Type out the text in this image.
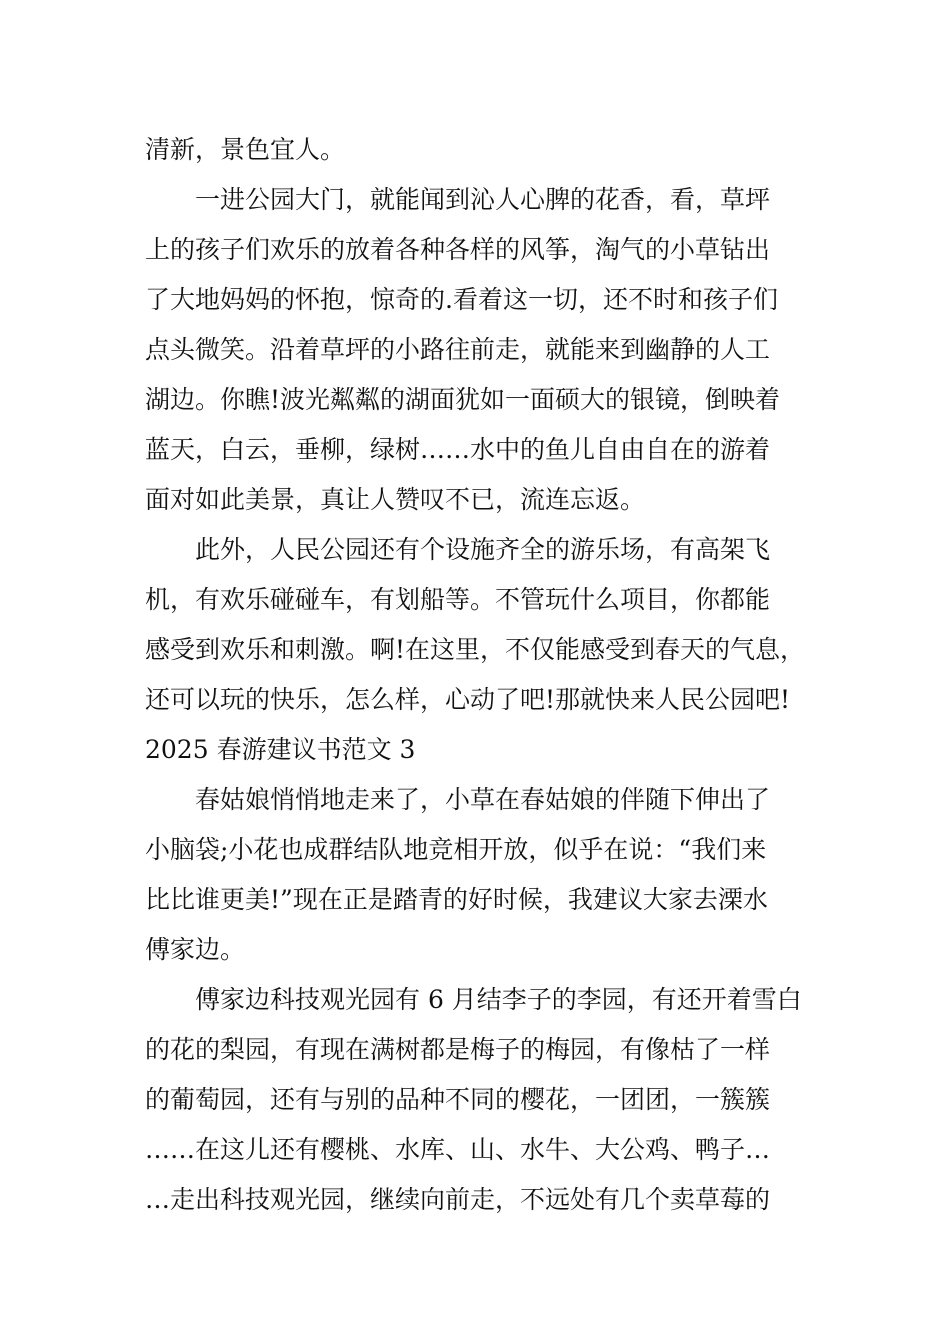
清新，景色宜人。
一进公园大门，就能闻到沁人心脾的花香，看，草坪
上的孩子们欢乐的放着各种各样的风筝，淘气的小草钻出
了大地妈妈的怀抱，惊奇的.看着这一切，还不时和孩子们
点头微笑。沿着草坪的小路往前走，就能来到幽静的人工
湖边。你瞧!波光粼粼的湖面犹如一面硕大的银镜，倒映着
蓝天，白云，垂柳，绿树……水中的鱼儿自由自在的游着
面对如此美景，真让人赞叹不已，流连忘返。
此外，人民公园还有个设施齐全的游乐场，有高架飞
机，有欢乐碰碰车，有划船等。不管玩什么项目，你都能
感受到欢乐和刺激。啊!在这里，不仅能感受到春天的气息，
还可以玩的快乐，怎么样，心动了吧!那就快来人民公园吧!
2025 春游建议书范文 3
春姑娘悄悄地走来了，小草在春姑娘的伴随下伸出了
小脑袋;小花也成群结队地竞相开放，似乎在说：“我们来
比比谁更美!”现在正是踏青的好时候，我建议大家去溧水
傅家边。
傅家边科技观光园有 6 月结李子的李园，有还开着雪白
的花的梨园，有现在满树都是梅子的梅园，有像枯了一样
的葡萄园，还有与别的品种不同的樱花，一团团，一簇簇
……在这儿还有樱桃、水库、山、水牛、大公鸡、鸭子…
…走出科技观光园，继续向前走，不远处有几个卖草莓的
